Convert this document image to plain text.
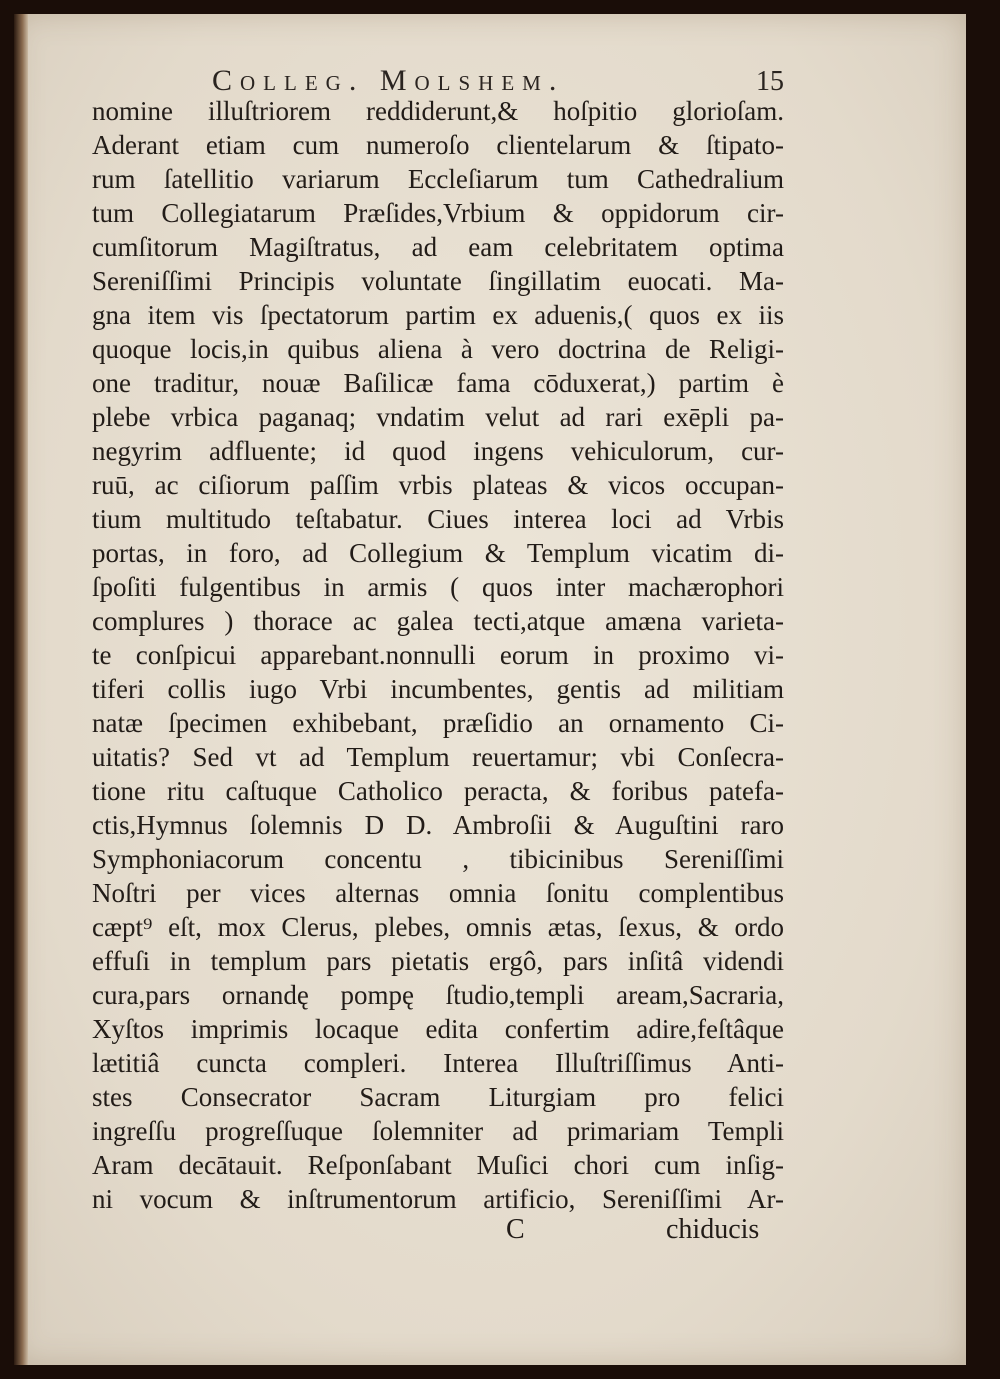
Colleg. Molshem.	15
nomine illuſtriorem reddiderunt,& hoſpitio glorioſam.
Aderant etiam cum numeroſo clientelarum & ſtipato-
rum ſatellitio variarum Eccleſiarum tum Cathedralium
tum Collegiatarum Præſides,Vrbium & oppidorum cir-
cumſitorum Magiſtratus, ad eam celebritatem optima
Sereniſſimi Principis voluntate ſingillatim euocati. Ma-
gna item vis ſpectatorum partim ex aduenis,( quos ex iis
quoque locis,in quibus aliena à vero doctrina de Religi-
one traditur, nouæ Baſilicæ fama cōduxerat,) partim è
plebe vrbica paganaq; vndatim velut ad rari exēpli pa-
negyrim adfluente; id quod ingens vehiculorum, cur-
ruū, ac ciſiorum paſſim vrbis plateas & vicos occupan-
tium multitudo teſtabatur. Ciues interea loci ad Vrbis
portas, in foro, ad Collegium & Templum vicatim di-
ſpoſiti fulgentibus in armis ( quos inter machærophori
complures ) thorace ac galea tecti,atque amæna varieta-
te conſpicui apparebant.nonnulli eorum in proximo vi-
tiferi collis iugo Vrbi incumbentes, gentis ad militiam
natæ ſpecimen exhibebant, præſidio an ornamento Ci-
uitatis? Sed vt ad Templum reuertamur; vbi Conſecra-
tione ritu caſtuque Catholico peracta, & foribus patefa-
ctis,Hymnus ſolemnis D D. Ambroſii & Auguſtini raro
Symphoniacorum concentu , tibicinibus Sereniſſimi
Noſtri per vices alternas omnia ſonitu complentibus
cæpt⁹ eſt, mox Clerus, plebes, omnis ætas, ſexus, & ordo
effuſi in templum pars pietatis ergô, pars inſitâ videndi
cura,pars ornandę pompę ſtudio,templi aream,Sacraria,
Xyſtos imprimis locaque edita confertim adire,feſtâque
lætitiâ cuncta compleri. Interea Illuſtriſſimus Anti-
stes Consecrator Sacram Liturgiam pro felici
ingreſſu progreſſuque ſolemniter ad primariam Templi
Aram decātauit. Reſponſabant Muſici chori cum inſig-
ni vocum & inſtrumentorum artificio, Sereniſſimi Ar-
C	chiducis
